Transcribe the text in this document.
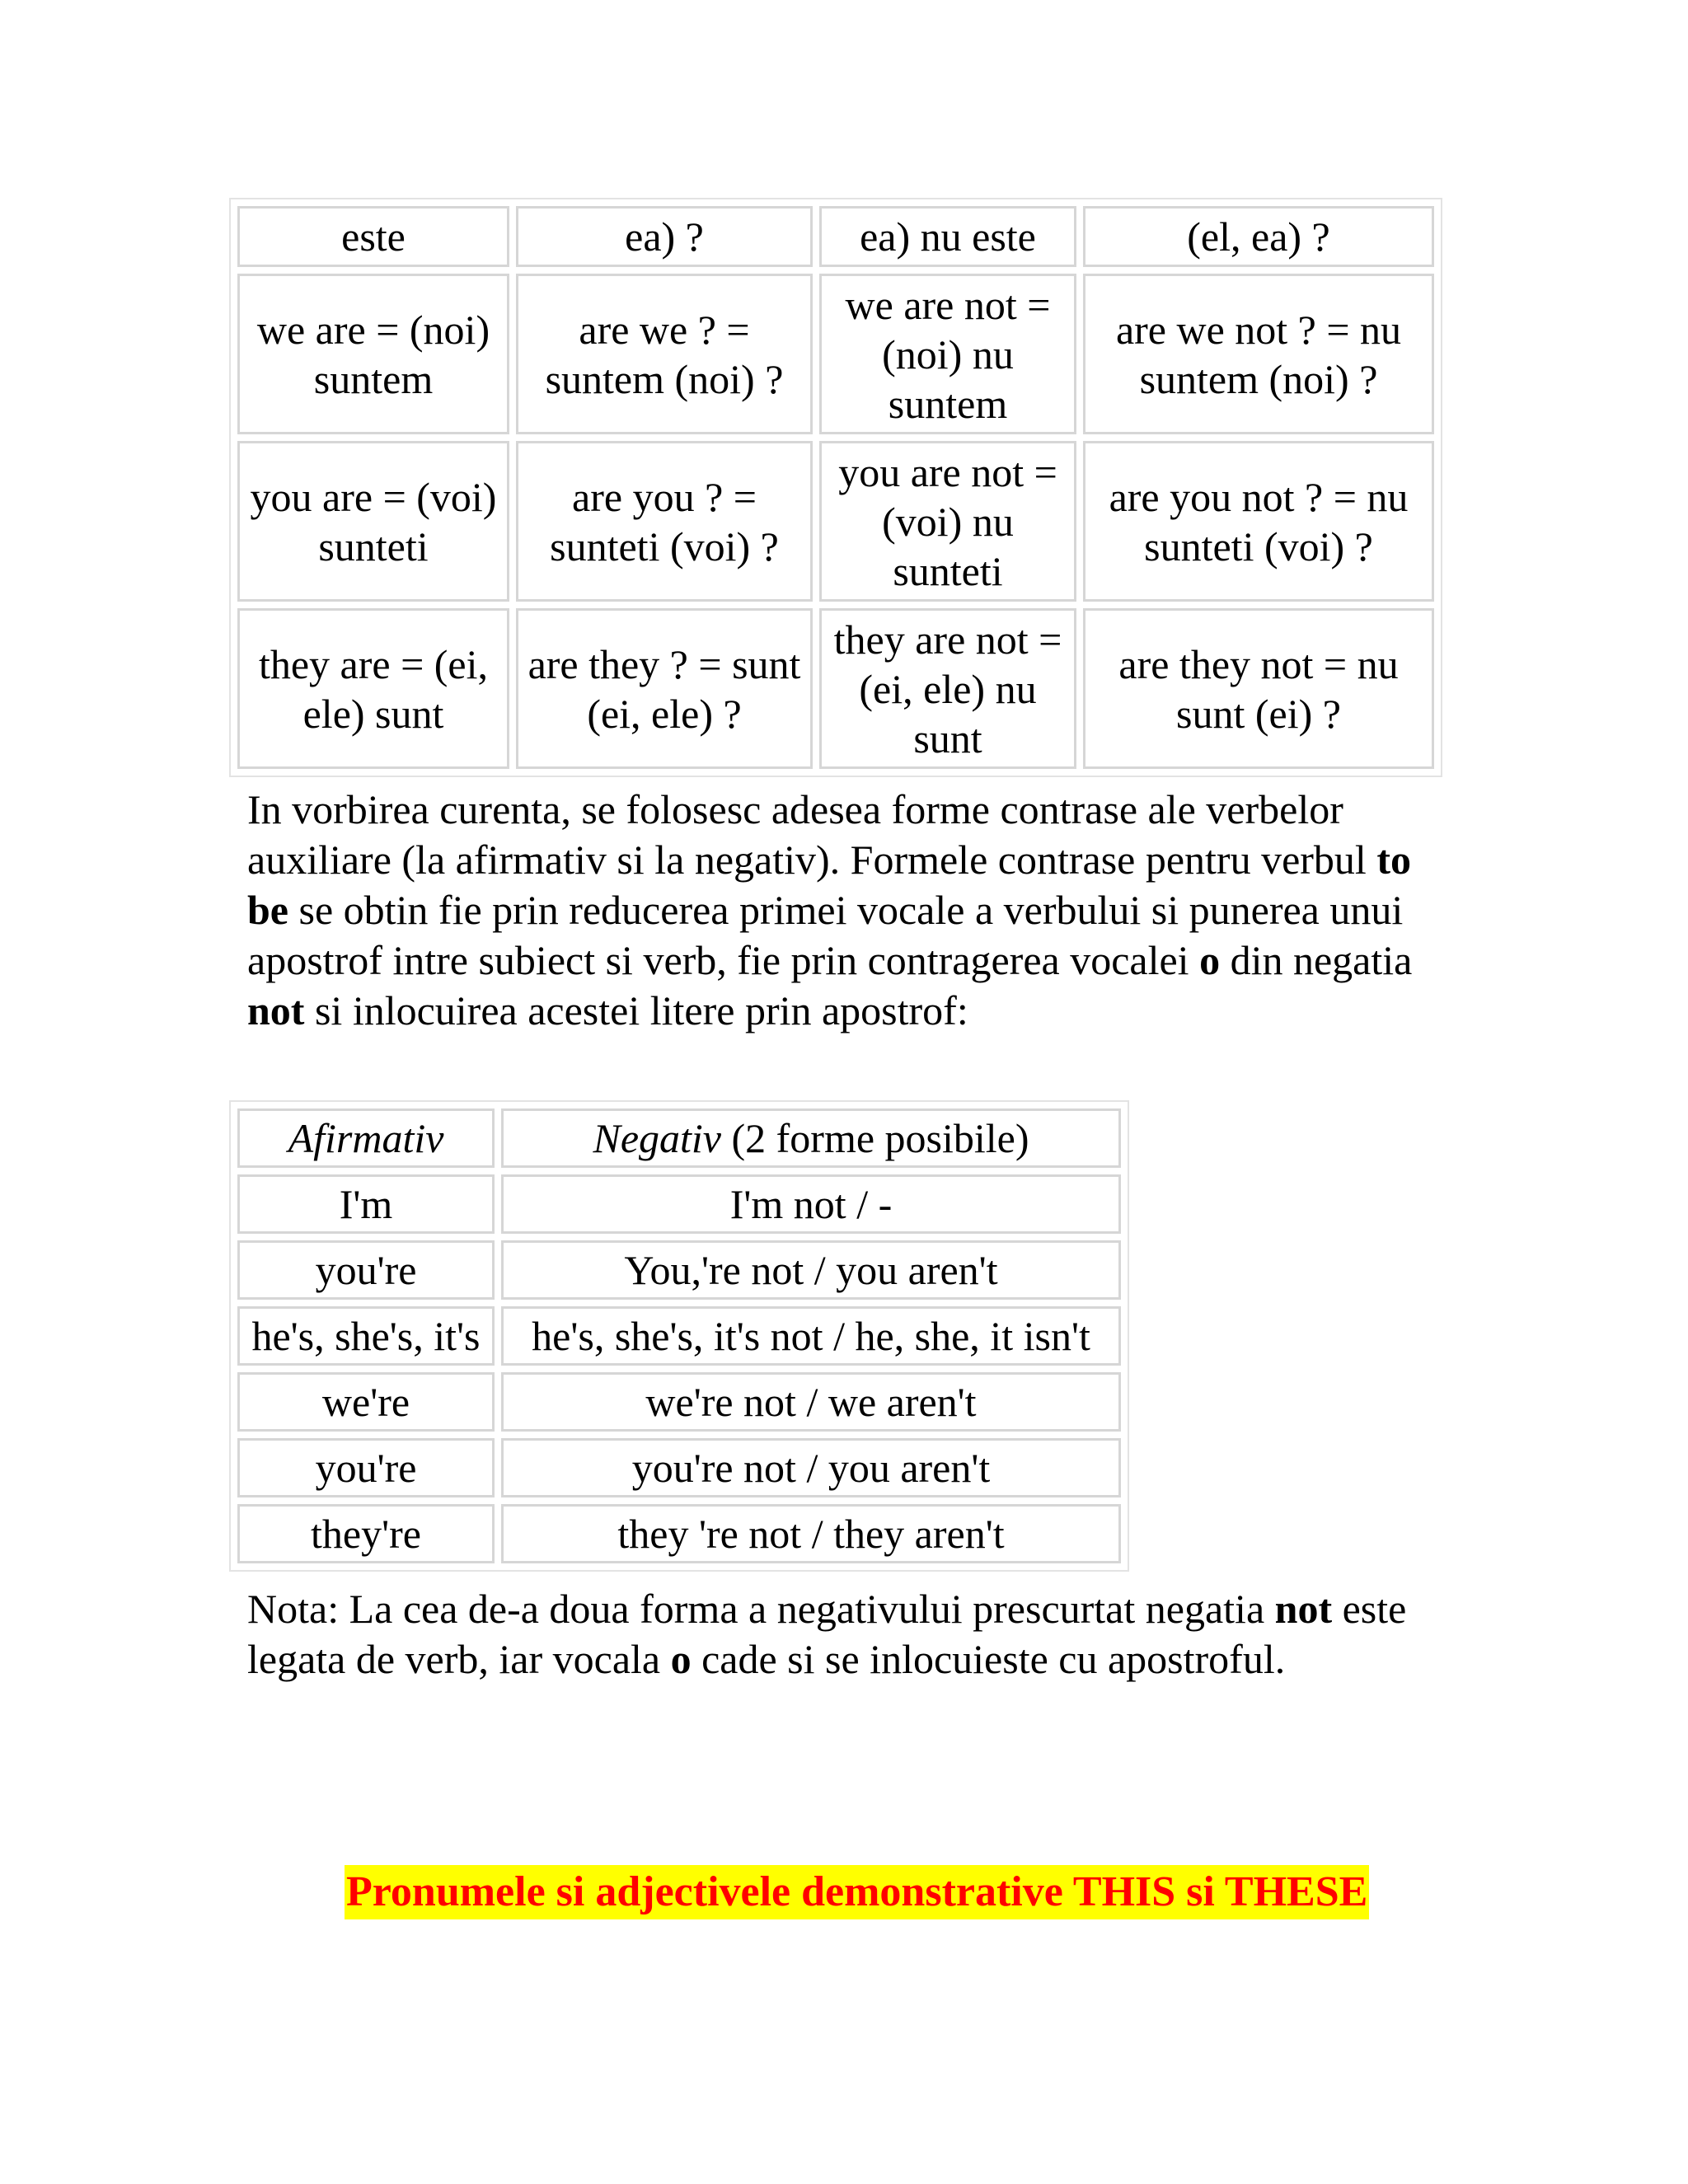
este	ea) ?	ea) nu este	(el, ea) ?
we are = (noi) suntem	are we ? = suntem (noi) ?	we are not = (noi) nu suntem	are we not ? = nu suntem (noi) ?
you are = (voi) sunteti	are you ? = sunteti (voi) ?	you are not = (voi) nu sunteti	are you not ? = nu sunteti (voi) ?
they are = (ei, ele) sunt	are they ? = sunt (ei, ele) ?	they are not = (ei, ele) nu sunt	are they not = nu sunt (ei) ?

In vorbirea curenta, se folosesc adesea forme contrase ale verbelor auxiliare (la afirmativ si la negativ). Formele contrase pentru verbul to be se obtin fie prin reducerea primei vocale a verbului si punerea unui apostrof intre subiect si verb, fie prin contragerea vocalei o din negatia not si inlocuirea acestei litere prin apostrof:

Afirmativ	Negativ (2 forme posibile)
I'm	I'm not / -
you're	You,'re not / you aren't
he's, she's, it's	he's, she's, it's not / he, she, it isn't
we're	we're not / we aren't
you're	you're not / you aren't
they're	they 're not / they aren't

Nota: La cea de-a doua forma a negativului prescurtat negatia not este legata de verb, iar vocala o cade si se inlocuieste cu apostroful.

Pronumele si adjectivele demonstrative THIS si THESE
